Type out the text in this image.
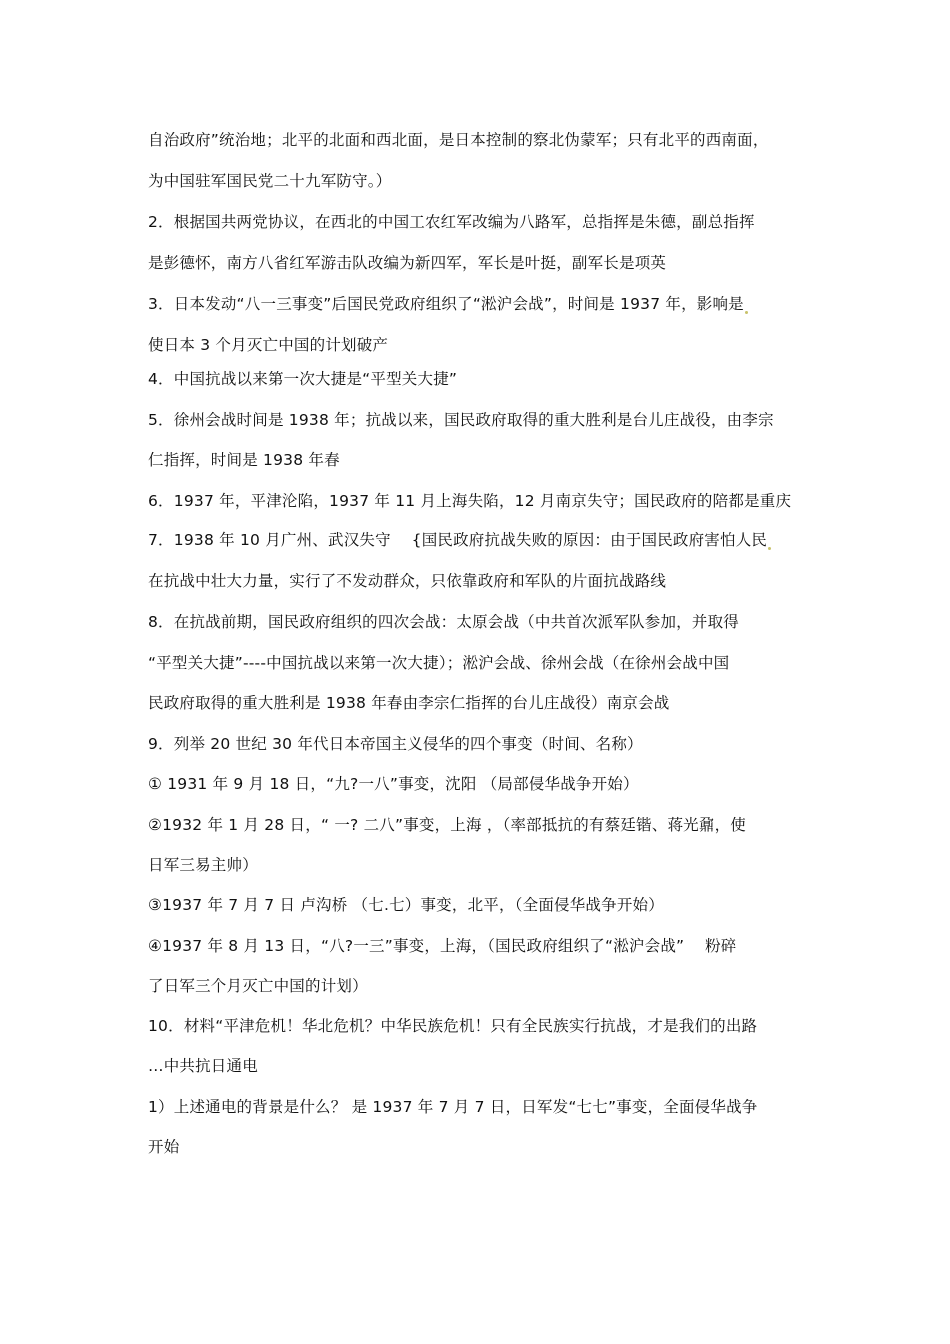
自治政府”统治地；北平的北面和西北面，是日本控制的察北伪蒙军；只有北平的西南面，
为中国驻军国民党二十九军防守。）
2．根据国共两党协议，在西北的中国工农红军改编为八路军，总指挥是朱德，副总指挥
是彭德怀，南方八省红军游击队改编为新四军，军长是叶挺，副军长是项英
3．日本发动“八一三事变”后国民党政府组织了“淞沪会战”，时间是 1937 年，影响是
使日本 3 个月灭亡中国的计划破产
4．中国抗战以来第一次大捷是“平型关大捷”
5．徐州会战时间是 1938 年；抗战以来，国民政府取得的重大胜利是台儿庄战役，由李宗
仁指挥，时间是 1938 年春
6．1937 年，平津沦陷，1937 年 11 月上海失陷，12 月南京失守；国民政府的陪都是重庆
7．1938 年 10 月广州、武汉失守　 {国民政府抗战失败的原因：由于国民政府害怕人民
在抗战中壮大力量，实行了不发动群众，只依靠政府和军队的片面抗战路线
8．在抗战前期，国民政府组织的四次会战：太原会战（中共首次派军队参加，并取得
“平型关大捷”----中国抗战以来第一次大捷）；淞沪会战、徐州会战（在徐州会战中国
民政府取得的重大胜利是 1938 年春由李宗仁指挥的台儿庄战役）南京会战
9．列举 20 世纪 30 年代日本帝国主义侵华的四个事变（时间、名称）
① 1931 年 9 月 18 日，“九?一八”事变，沈阳 （局部侵华战争开始）
②1932 年 1 月 28 日，“ 一? 二八”事变，上海 ，（率部抵抗的有蔡廷锴、蒋光鼐，使
日军三易主帅）
③1937 年 7 月 7 日 卢沟桥 （七.七）事变，北平，（全面侵华战争开始）
④1937 年 8 月 13 日，“八?一三”事变，上海，（国民政府组织了“淞沪会战”　 粉碎
了日军三个月灭亡中国的计划）
10．材料“平津危机！华北危机？中华民族危机！只有全民族实行抗战，才是我们的出路
…中共抗日通电
1）上述通电的背景是什么？ 是 1937 年 7 月 7 日，日军发“七七”事变，全面侵华战争
开始
